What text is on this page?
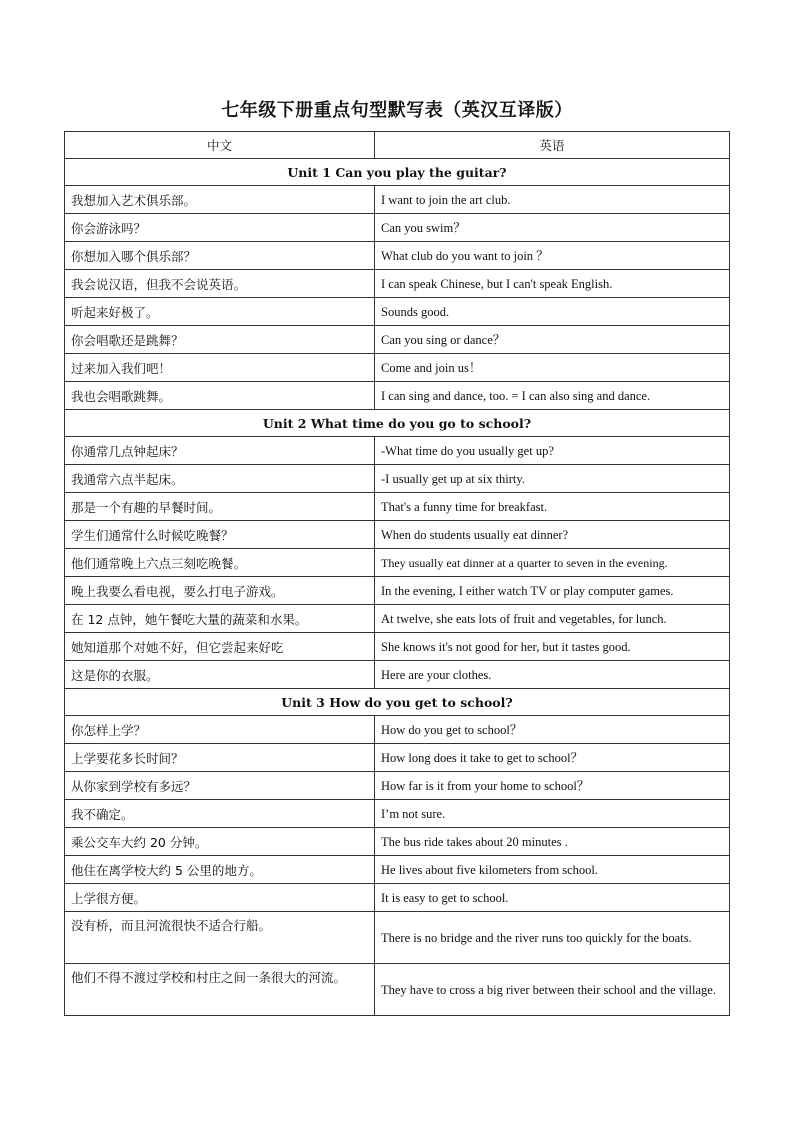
七年级下册重点句型默写表（英汉互译版）
中文	英语
Unit 1 Can you play the guitar?	
我想加入艺术俱乐部。	I want to join the art club.
你会游泳吗？	Can you swim？
你想加入哪个俱乐部？	What club do you want to join ？
我会说汉语，但我不会说英语。	I can speak Chinese, but I can't speak English.
听起来好极了。	Sounds good.
你会唱歌还是跳舞？	Can you sing or dance？
过来加入我们吧！	Come and join us！
我也会唱歌跳舞。	I can sing and dance, too. = I can also sing and dance.
Unit 2 What time do you go to school?	
你通常几点钟起床？	-What time do you usually get up?
我通常六点半起床。	-I usually get up at six thirty.
那是一个有趣的早餐时间。	That's a funny time for breakfast.
学生们通常什么时候吃晚餐？	When do students usually eat dinner?
他们通常晚上六点三刻吃晚餐。	They usually eat dinner at a quarter to seven in the evening.
晚上我要么看电视，要么打电子游戏。	In the evening, I either watch TV or play computer games.
在 12 点钟，她午餐吃大量的蔬菜和水果。	At twelve, she eats lots of fruit and vegetables, for lunch.
她知道那个对她不好，但它尝起来好吃	She knows it's not good for her, but it tastes good.
这是你的衣服。	Here are your clothes.
Unit 3 How do you get to school?	
你怎样上学？	How do you get to school？
上学要花多长时间？	How long does it take to get to school？
从你家到学校有多远？	How far is it from your home to school？
我不确定。	I’m not sure.
乘公交车大约 20 分钟。	The bus ride takes about 20 minutes .
他住在离学校大约 5 公里的地方。	He lives about five kilometers from school.
上学很方便。	It is easy to get to school.
没有桥，而且河流很快不适合行船。	There is no bridge and the river runs too quickly for the boats.
他们不得不渡过学校和村庄之间一条很大的河流。	They have to cross a big river between their school and the village.
